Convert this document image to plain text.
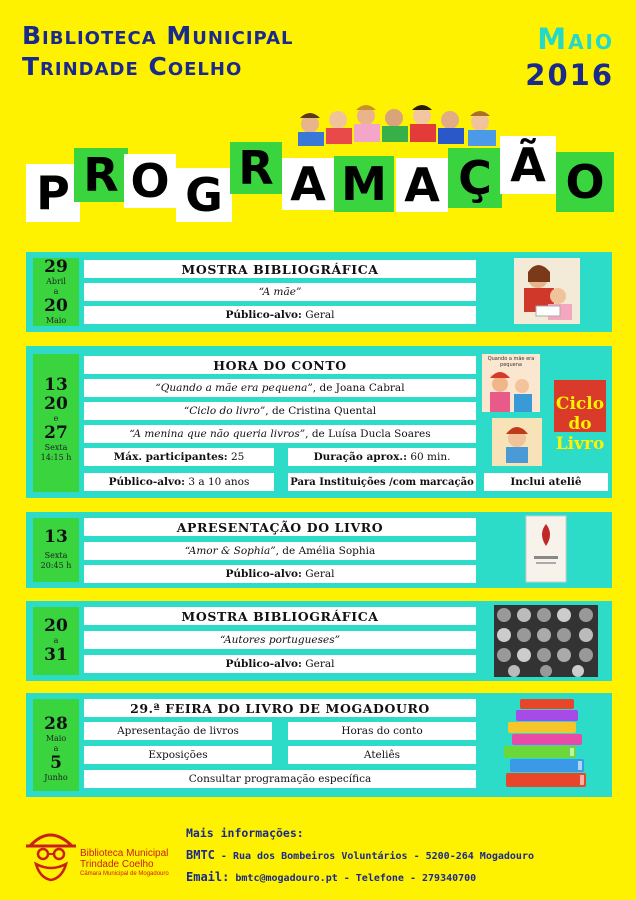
Biblioteca Municipal
Trindade Coelho
Maio
2016
P R O G R A M A Ç Ã O
29
Abril
a
20
Maio
MOSTRA BIBLIOGRÁFICA
“A mãe”
Público-alvo:
Geral
13
20
e
27
Sexta
14:15 h
HORA DO CONTO
“Quando a mãe era pequena” , de Joana Cabral
“Ciclo do livro” , de Cristina Quental
“A menina que não queria livros” , de Luísa Ducla Soares
Máx. participantes:
25	Duração aprox.:
60 min.
Público-alvo:
3 a 10 anos	Para Instituições /com marcação	Inclui ateliê
Quando a mãe era pequena
Ciclo do Livro
13
Sexta
20:45 h
APRESENTAÇÃO DO LIVRO
“Amor & Sophia” , de Amélia Sophia
Público-alvo:
Geral
20
a
31
MOSTRA BIBLIOGRÁFICA
“Autores portugueses”
Público-alvo:
Geral
28
Maio
a
5
Junho
29.ª FEIRA DO LIVRO DE MOGADOURO
Apresentação de livros	Horas do conto
Exposições	Ateliês
Consultar programação específica
Biblioteca Municipal
Trindade Coelho
Câmara Municipal de Mogadouro
Mais informações:
BMTC - Rua dos Bombeiros Voluntários - 5200-264 Mogadouro
Email: bmtc@mogadouro.pt - Telefone - 279340700
